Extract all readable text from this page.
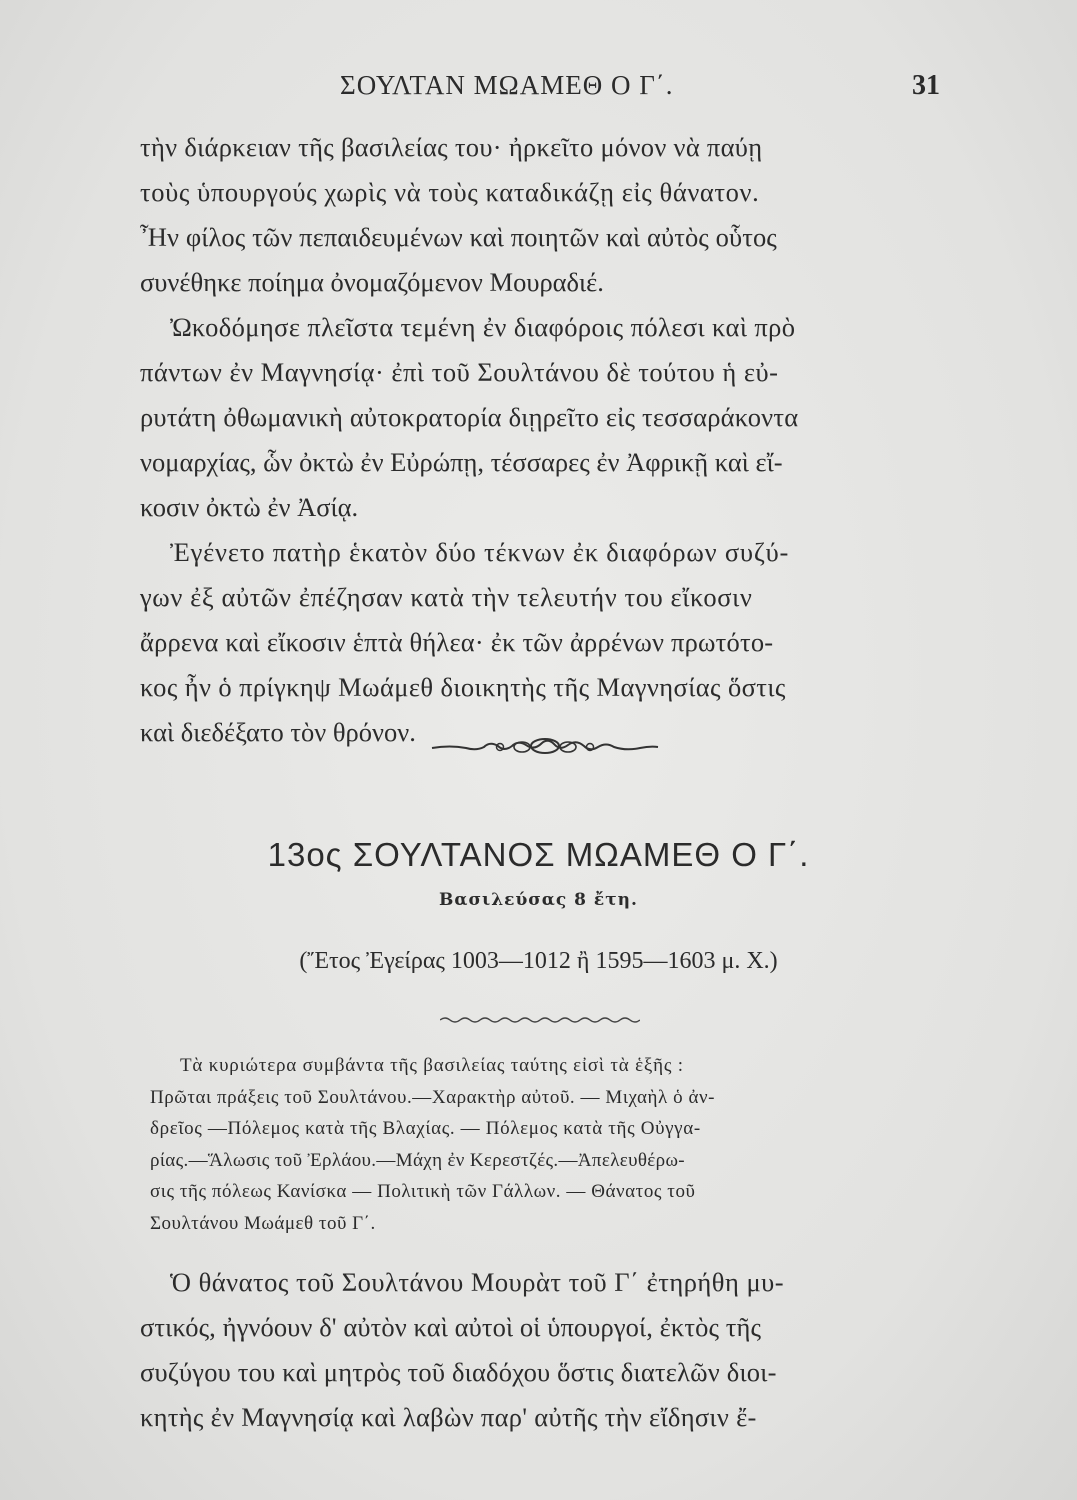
ΣΟΥΛΤΑΝ ΜΩΑΜΕΘ Ο Γ΄.	31
τὴν διάρκειαν τῆς βασιλείας του· ἠρκεῖτο μόνον νὰ παύῃ
τοὺς ὑπουργούς χωρὶς νὰ τοὺς καταδικάζῃ εἰς θάνατον.
Ἦν φίλος τῶν πεπαιδευμένων καὶ ποιητῶν καὶ αὐτὸς οὗτος
συνέθηκε ποίημα ὀνομαζόμενον Μουραδιέ.
Ὠκοδόμησε πλεῖστα τεμένη ἐν διαφόροις πόλεσι καὶ πρὸ
πάντων ἐν Μαγνησίᾳ· ἐπὶ τοῦ Σουλτάνου δὲ τούτου ἡ εὐ-
ρυτάτη ὀθωμανικὴ αὐτοκρατορία διῃρεῖτο εἰς τεσσαράκοντα
νομαρχίας, ὧν ὀκτὼ ἐν Εὐρώπῃ, τέσσαρες ἐν Ἀφρικῇ καὶ εἴ-
κοσιν ὀκτὼ ἐν Ἀσίᾳ.
Ἐγένετο πατὴρ ἑκατὸν δύο τέκνων ἐκ διαφόρων συζύ-
γων ἐξ αὐτῶν ἐπέζησαν κατὰ τὴν τελευτήν του εἴκοσιν
ἄρρενα καὶ εἴκοσιν ἑπτὰ θήλεα· ἐκ τῶν ἀρρένων πρωτότο-
κος ἦν ὁ πρίγκηψ Μωάμεθ διοικητὴς τῆς Μαγνησίας ὅστις
καὶ διεδέξατο τὸν θρόνον.
13ος ΣΟΥΛΤΑΝΟΣ ΜΩΑΜΕΘ Ο Γ΄.
Βασιλεύσας 8 ἔτη.
(Ἔτος Ἐγείρας 1003—1012 ἢ 1595—1603 μ. Χ.)
Τὰ κυριώτερα συμβάντα τῆς βασιλείας ταύτης εἰσὶ τὰ ἑξῆς :
Πρῶται πράξεις τοῦ Σουλτάνου.—Χαρακτὴρ αὐτοῦ. — Μιχαὴλ ὁ ἀν-
δρεῖος —Πόλεμος κατὰ τῆς Βλαχίας. — Πόλεμος κατὰ τῆς Οὐγγα-
ρίας.—Ἅλωσις τοῦ Ἐρλάου.—Μάχη ἐν Κερεστζές.—Ἀπελευθέρω-
σις τῆς πόλεως Κανίσκα — Πολιτικὴ τῶν Γάλλων. — Θάνατος τοῦ
Σουλτάνου Μωάμεθ τοῦ Γ΄.
Ὁ θάνατος τοῦ Σουλτάνου Μουρὰτ τοῦ Γ΄ ἐτηρήθη μυ-
στικός, ἠγνόουν δ' αὐτὸν καὶ αὐτοὶ οἱ ὑπουργοί, ἐκτὸς τῆς
συζύγου του καὶ μητρὸς τοῦ διαδόχου ὅστις διατελῶν διοι-
κητὴς ἐν Μαγνησίᾳ καὶ λαβὼν παρ' αὐτῆς τὴν εἴδησιν ἔ-
